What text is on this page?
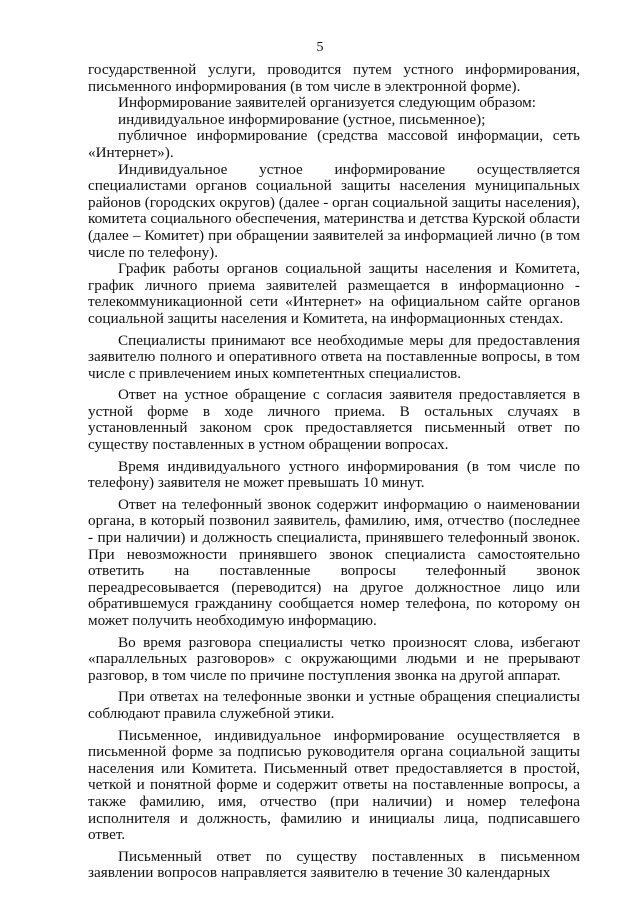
5

государственной услуги, проводится путем устного информирования, письменного информирования (в том числе в электронной форме).

Информирование заявителей организуется следующим образом:

индивидуальное информирование (устное, письменное);

публичное информирование (средства массовой информации, сеть «Интернет»).

Индивидуальное устное информирование осуществляется специалистами органов социальной защиты населения муниципальных районов (городских округов) (далее - орган социальной защиты населения), комитета социального обеспечения, материнства и детства Курской области (далее – Комитет) при обращении заявителей за информацией лично (в том числе по телефону).

График работы органов социальной защиты населения и Комитета, график личного приема заявителей размещается в информационно - телекоммуникационной сети «Интернет» на официальном сайте органов социальной защиты населения и Комитета, на информационных стендах.

Специалисты принимают все необходимые меры для предоставления заявителю полного и оперативного ответа на поставленные вопросы, в том числе с привлечением иных компетентных специалистов.

Ответ на устное обращение с согласия заявителя предоставляется в устной форме в ходе личного приема. В остальных случаях в установленный законом срок предоставляется письменный ответ по существу поставленных в устном обращении вопросах.

Время индивидуального устного информирования (в том числе по телефону) заявителя не может превышать 10 минут.

Ответ на телефонный звонок содержит информацию о наименовании органа, в который позвонил заявитель, фамилию, имя, отчество (последнее - при наличии) и должность специалиста, принявшего телефонный звонок. При невозможности принявшего звонок специалиста самостоятельно ответить на поставленные вопросы телефонный звонок переадресовывается (переводится) на другое должностное лицо или обратившемуся гражданину сообщается номер телефона, по которому он может получить необходимую информацию.

Во время разговора специалисты четко произносят слова, избегают «параллельных разговоров» с окружающими людьми и не прерывают разговор, в том числе по причине поступления звонка на другой аппарат.

При ответах на телефонные звонки и устные обращения специалисты соблюдают правила служебной этики.

Письменное, индивидуальное информирование осуществляется в письменной форме за подписью руководителя органа социальной защиты населения или Комитета. Письменный ответ предоставляется в простой, четкой и понятной форме и содержит ответы на поставленные вопросы, а также фамилию, имя, отчество (при наличии) и номер телефона исполнителя и должность, фамилию и инициалы лица, подписавшего ответ.

Письменный ответ по существу поставленных в письменном заявлении вопросов направляется заявителю в течение 30 календарных
